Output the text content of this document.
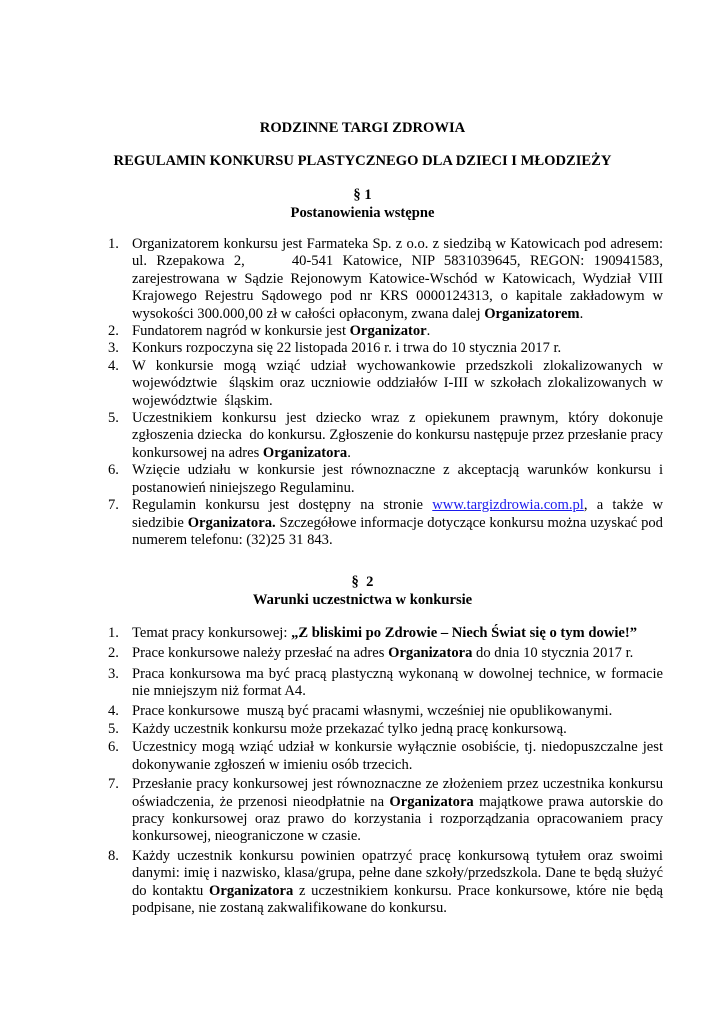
RODZINNE TARGI ZDROWIA
REGULAMIN KONKURSU PLASTYCZNEGO DLA DZIECI I MŁODZIEŻY
§ 1
Postanowienia wstępne
1. Organizatorem konkursu jest Farmateka Sp. z o.o. z siedzibą w Katowicach pod adresem: ul. Rzepakowa 2,     40-541 Katowice, NIP 5831039645, REGON: 190941583, zarejestrowana w Sądzie Rejonowym Katowice-Wschód w Katowicach, Wydział VIII Krajowego Rejestru Sądowego pod nr KRS 0000124313, o kapitale zakładowym w wysokości 300.000,00 zł w całości opłaconym, zwana dalej Organizatorem.
2. Fundatorem nagród w konkursie jest Organizator.
3. Konkurs rozpoczyna się 22 listopada 2016 r. i trwa do 10 stycznia 2017 r.
4. W konkursie mogą wziąć udział wychowankowie przedszkoli zlokalizowanych w województwie  śląskim oraz uczniowie oddziałów I-III w szkołach zlokalizowanych w województwie  śląskim.
5. Uczestnikiem konkursu jest dziecko wraz z opiekunem prawnym, który dokonuje zgłoszenia dziecka  do konkursu. Zgłoszenie do konkursu następuje przez przesłanie pracy konkursowej na adres Organizatora.
6. Wzięcie udziału w konkursie jest równoznaczne z akceptacją warunków konkursu i postanowień niniejszego Regulaminu.
7. Regulamin konkursu jest dostępny na stronie www.targizdrowia.com.pl, a także w siedzibie Organizatora. Szczegółowe informacje dotyczące konkursu można uzyskać pod numerem telefonu: (32)25 31 843.
§  2
Warunki uczestnictwa w konkursie
1. Temat pracy konkursowej: „Z bliskimi po Zdrowie – Niech Świat się o tym dowie!”
2. Prace konkursowe należy przesłać na adres Organizatora do dnia 10 stycznia 2017 r.
3. Praca konkursowa ma być pracą plastyczną wykonaną w dowolnej technice, w formacie nie mniejszym niż format A4.
4. Prace konkursowe  muszą być pracami własnymi, wcześniej nie opublikowanymi.
5. Każdy uczestnik konkursu może przekazać tylko jedną pracę konkursową.
6. Uczestnicy mogą wziąć udział w konkursie wyłącznie osobiście, tj. niedopuszczalne jest dokonywanie zgłoszeń w imieniu osób trzecich.
7. Przesłanie pracy konkursowej jest równoznaczne ze złożeniem przez uczestnika konkursu oświadczenia, że przenosi nieodpłatnie na Organizatora majątkowe prawa autorskie do pracy konkursowej oraz prawo do korzystania i rozporządzania opracowaniem pracy konkursowej, nieograniczone w czasie.
8. Każdy uczestnik konkursu powinien opatrzyć pracę konkursową tytułem oraz swoimi danymi: imię i nazwisko, klasa/grupa, pełne dane szkoły/przedszkola. Dane te będą służyć do kontaktu Organizatora z uczestnikiem konkursu. Prace konkursowe, które nie będą podpisane, nie zostaną zakwalifikowane do konkursu.
